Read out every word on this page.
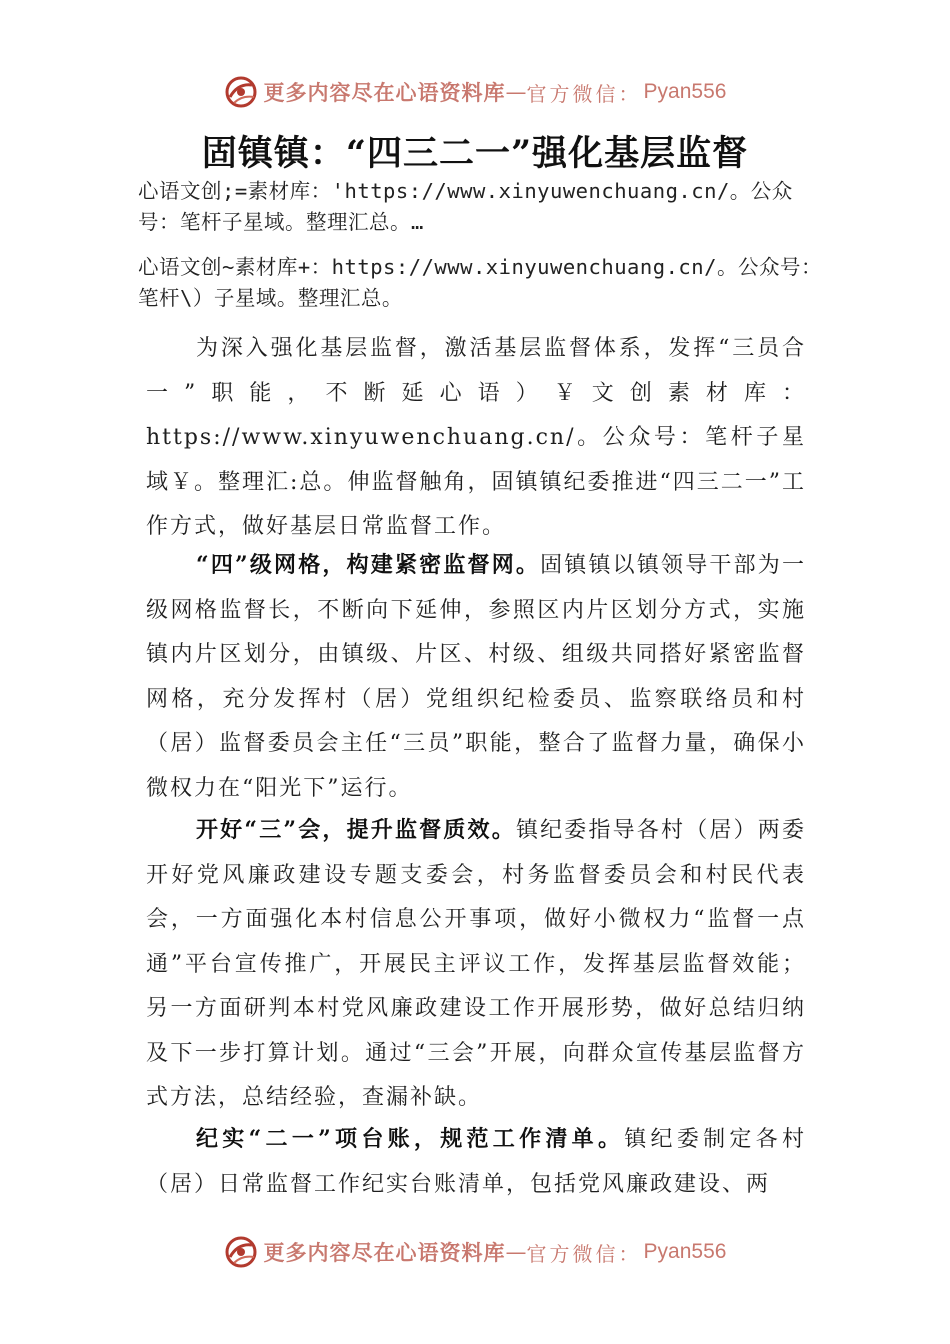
更多内容尽在心语资料库 — 官方微信： Pyan556
固镇镇：“四三二一”强化基层监督
心语文创;=素材库：'https://www.xinyuwenchuang.cn/。公众号：笔杆子星域。整理汇总。…
心语文创~素材库+：https://www.xinyuwenchuang.cn/。公众号：笔杆\）子星域。整理汇总。

为深入强化基层监督，激活基层监督体系，发挥“三员合一”职能，不断延心语）￥文创素材库：https://www.xinyuwenchuang.cn/。公众号：笔杆子星域￥。整理汇:总。伸监督触角，固镇镇纪委推进“四三二一”工作方式，做好基层日常监督工作。

“四”级网格，构建紧密监督网。固镇镇以镇领导干部为一级网格监督长，不断向下延伸，参照区内片区划分方式，实施镇内片区划分，由镇级、片区、村级、组级共同搭好紧密监督网格，充分发挥村（居）党组织纪检委员、监察联络员和村（居）监督委员会主任“三员”职能，整合了监督力量，确保小微权力在“阳光下”运行。

开好“三”会，提升监督质效。镇纪委指导各村（居）两委开好党风廉政建设专题支委会，村务监督委员会和村民代表会，一方面强化本村信息公开事项，做好小微权力“监督一点通”平台宣传推广，开展民主评议工作，发挥基层监督效能；另一方面研判本村党风廉政建设工作开展形势，做好总结归纳及下一步打算计划。通过“三会”开展，向群众宣传基层监督方式方法，总结经验，查漏补缺。

纪实“二一”项台账，规范工作清单。镇纪委制定各村（居）日常监督工作纪实台账清单，包括党风廉政建设、两

更多内容尽在心语资料库 — 官方微信： Pyan556
